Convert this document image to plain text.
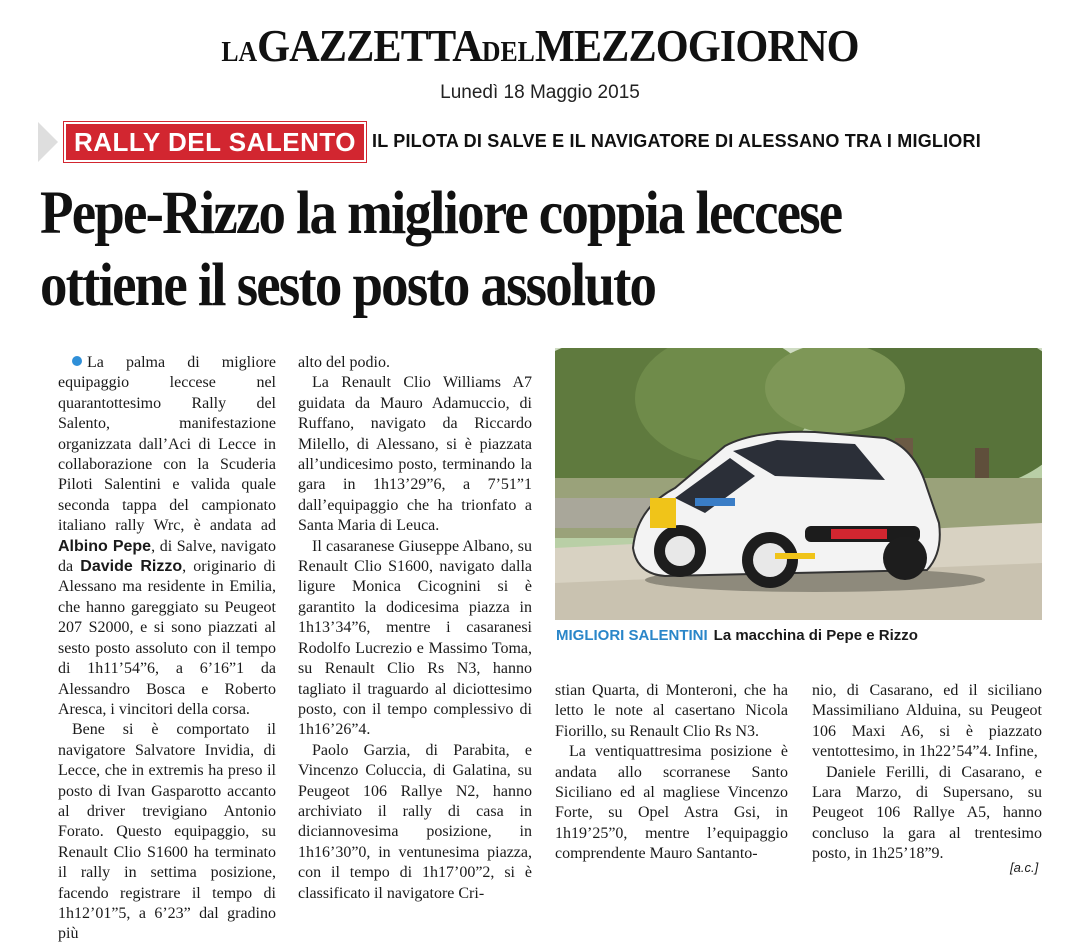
LAGAZZETTADELMEZZOGIORNO
Lunedì 18 Maggio 2015
RALLY DEL SALENTO IL PILOTA DI SALVE E IL NAVIGATORE DI ALESSANO TRA I MIGLIORI
Pepe-Rizzo la migliore coppia leccese
ottiene il sesto posto assoluto

La palma di migliore equipaggio leccese nel quarantottesimo Rally del Salento, manifestazione organizzata dall’Aci di Lecce in collaborazione con la Scuderia Piloti Salentini e valida quale seconda tappa del campionato italiano rally Wrc, è andata ad Albino Pepe, di Salve, navigato da Davide Rizzo, originario di Alessano ma residente in Emilia, che hanno gareggiato su Peugeot 207 S2000, e si sono piazzati al sesto posto assoluto con il tempo di 1h11’54”6, a 6’16”1 da Alessandro Bosca e Roberto Aresca, i vincitori della corsa.

Bene si è comportato il navigatore Salvatore Invidia, di Lecce, che in extremis ha preso il posto di Ivan Gasparotto accanto al driver trevigiano Antonio Forato. Questo equipaggio, su Renault Clio S1600 ha terminato il rally in settima posizione, facendo registrare il tempo di 1h12’01”5, a 6’23” dal gradino più

alto del podio.

La Renault Clio Williams A7 guidata da Mauro Adamuccio, di Ruffano, navigato da Riccardo Milello, di Alessano, si è piazzata all’undicesimo posto, terminando la gara in 1h13’29”6, a 7’51”1 dall’equipaggio che ha trionfato a Santa Maria di Leuca.

Il casaranese Giuseppe Albano, su Renault Clio S1600, navigato dalla ligure Monica Cicognini si è garantito la dodicesima piazza in 1h13’34”6, mentre i casaranesi Rodolfo Lucrezio e Massimo Toma, su Renault Clio Rs N3, hanno tagliato il traguardo al diciottesimo posto, con il tempo complessivo di 1h16’26”4.

Paolo Garzia, di Parabita, e Vincenzo Coluccia, di Galatina, su Peugeot 106 Rallye N2, hanno archiviato il rally di casa in diciannovesima posizione, in 1h16’30”0, in ventunesima piazza, con il tempo di 1h17’00”2, si è classificato il navigatore Cri-

MIGLIORI SALENTINI La macchina di Pepe e Rizzo

stian Quarta, di Monteroni, che ha letto le note al casertano Nicola Fiorillo, su Renault Clio Rs N3.

La ventiquattresima posizione è andata allo scorranese Santo Siciliano ed al magliese Vincenzo Forte, su Opel Astra Gsi, in 1h19’25”0, mentre l’equipaggio comprendente Mauro Santanto-

nio, di Casarano, ed il siciliano Massimiliano Alduina, su Peugeot 106 Maxi A6, si è piazzato ventottesimo, in 1h22’54”4. Infine,

Daniele Ferilli, di Casarano, e Lara Marzo, di Supersano, su Peugeot 106 Rallye A5, hanno concluso la gara al trentesimo posto, in 1h25’18”9.

[a.c.]
